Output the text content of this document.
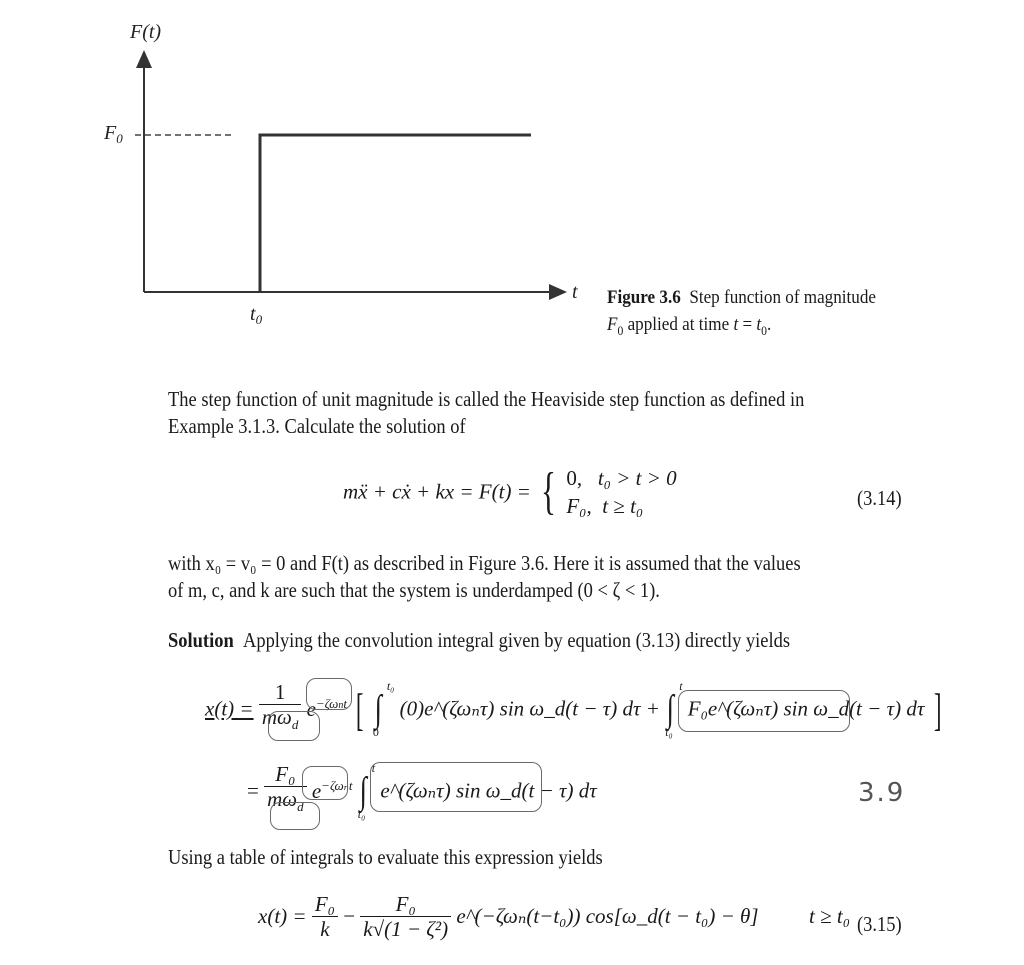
F(t)
t
$F_0$
$t_0$
Figure 3.6 Step function of magnitude
$F_0$ applied at time $t = t_0$.
The step function of unit magnitude is called the Heaviside step function as defined in
Example 3.1.3. Calculate the solution of
mẍ + cẋ + kx = F(t) = { 0, t₀ > t > 0
F₀, t ≥ t₀	(3.14)
with x₀ = v₀ = 0 and F(t) as described in Figure 3.6. Here it is assumed that the values
of m, c, and k are such that the system is underdamped (0 < ζ < 1).
Solution Applying the convolution integral given by equation (3.13) directly yields
$x(t) = \frac{1}{m\omega_d} e^{-\zeta\omega nt}$ [ t₀
∫
0
(0)e^(ζωₙτ) sin ω_d(t − τ) dτ +
t
∫
t₀
F₀e^(ζωₙτ) sin ω_d(t − τ) dτ ]
= $\frac{\text{F₀}}{m\omega_d} e^{-\zeta\omega_nt}$
t
∫
t₀
e^(ζωₙτ) sin ω_d(t − τ) dτ	3.9
Using a table of integrals to evaluate this expression yields
$x(t) = \frac{\text{F₀}}{k} - \frac{\text{F₀}}{\text{k√(1 − ζ²)}}$ e^(−ζωₙ(t−t₀)) cos[ω_d(t − t₀) − θ] t ≥ t₀ (3.15)
